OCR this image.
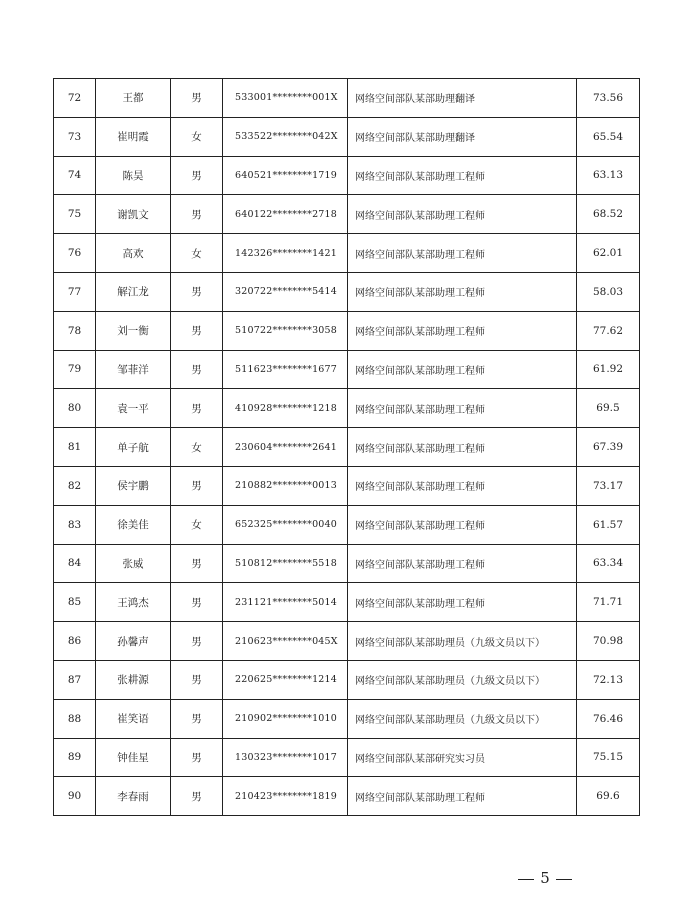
72	王都	男	533001********001X	网络空间部队某部助理翻译	73.56
73	崔明霞	女	533522********042X	网络空间部队某部助理翻译	65.54
74	陈昊	男	640521********1719	网络空间部队某部助理工程师	63.13
75	谢凯文	男	640122********2718	网络空间部队某部助理工程师	68.52
76	高欢	女	142326********1421	网络空间部队某部助理工程师	62.01
77	解江龙	男	320722********5414	网络空间部队某部助理工程师	58.03
78	刘一衡	男	510722********3058	网络空间部队某部助理工程师	77.62
79	邹菲洋	男	511623********1677	网络空间部队某部助理工程师	61.92
80	袁一平	男	410928********1218	网络空间部队某部助理工程师	69.5
81	单子航	女	230604********2641	网络空间部队某部助理工程师	67.39
82	侯宇鹏	男	210882********0013	网络空间部队某部助理工程师	73.17
83	徐美佳	女	652325********0040	网络空间部队某部助理工程师	61.57
84	张威	男	510812********5518	网络空间部队某部助理工程师	63.34
85	王鸿杰	男	231121********5014	网络空间部队某部助理工程师	71.71
86	孙馨声	男	210623********045X	网络空间部队某部助理员（九级文员以下）	70.98
87	张耕源	男	220625********1214	网络空间部队某部助理员（九级文员以下）	72.13
88	崔笑语	男	210902********1010	网络空间部队某部助理员（九级文员以下）	76.46
89	钟佳星	男	130323********1017	网络空间部队某部研究实习员	75.15
90	李春雨	男	210423********1819	网络空间部队某部助理工程师	69.6
5
